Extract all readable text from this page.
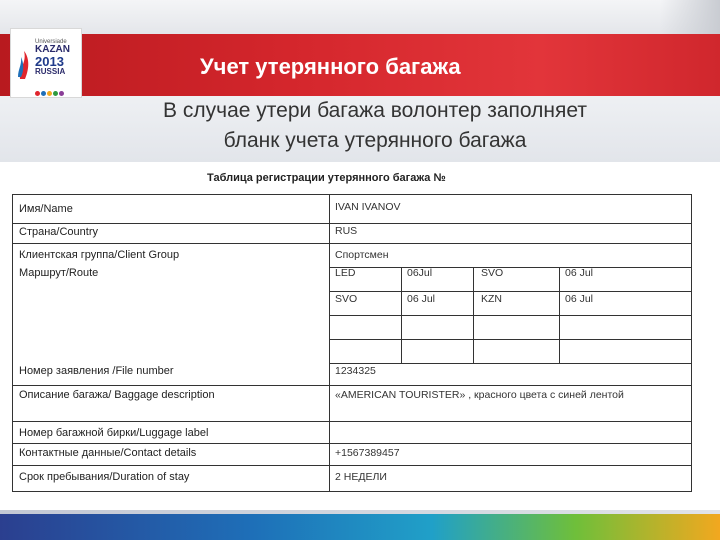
Universiade
KAZAN
2013
RUSSIA	Учет утерянного багажа
В случае утери багажа волонтер заполняет
бланк учета утерянного багажа
Таблица регистрации утерянного багажа №
Имя/Name	IVAN IVANOV
Страна/Country	RUS
Клиентская группа/Client Group	Спортсмен
Маршрут/Route	LED	06Jul	SVO	06 Jul
SVO	06 Jul	KZN	06 Jul
Номер заявления /File number	1234325
Описание багажа/ Baggage description	«AMERICAN TOURISTER» , красного цвета с синей лентой
Номер багажной бирки/Luggage label
Контактные данные/Contact details	+1567389457
Срок пребывания/Duration of stay	2 НЕДЕЛИ
